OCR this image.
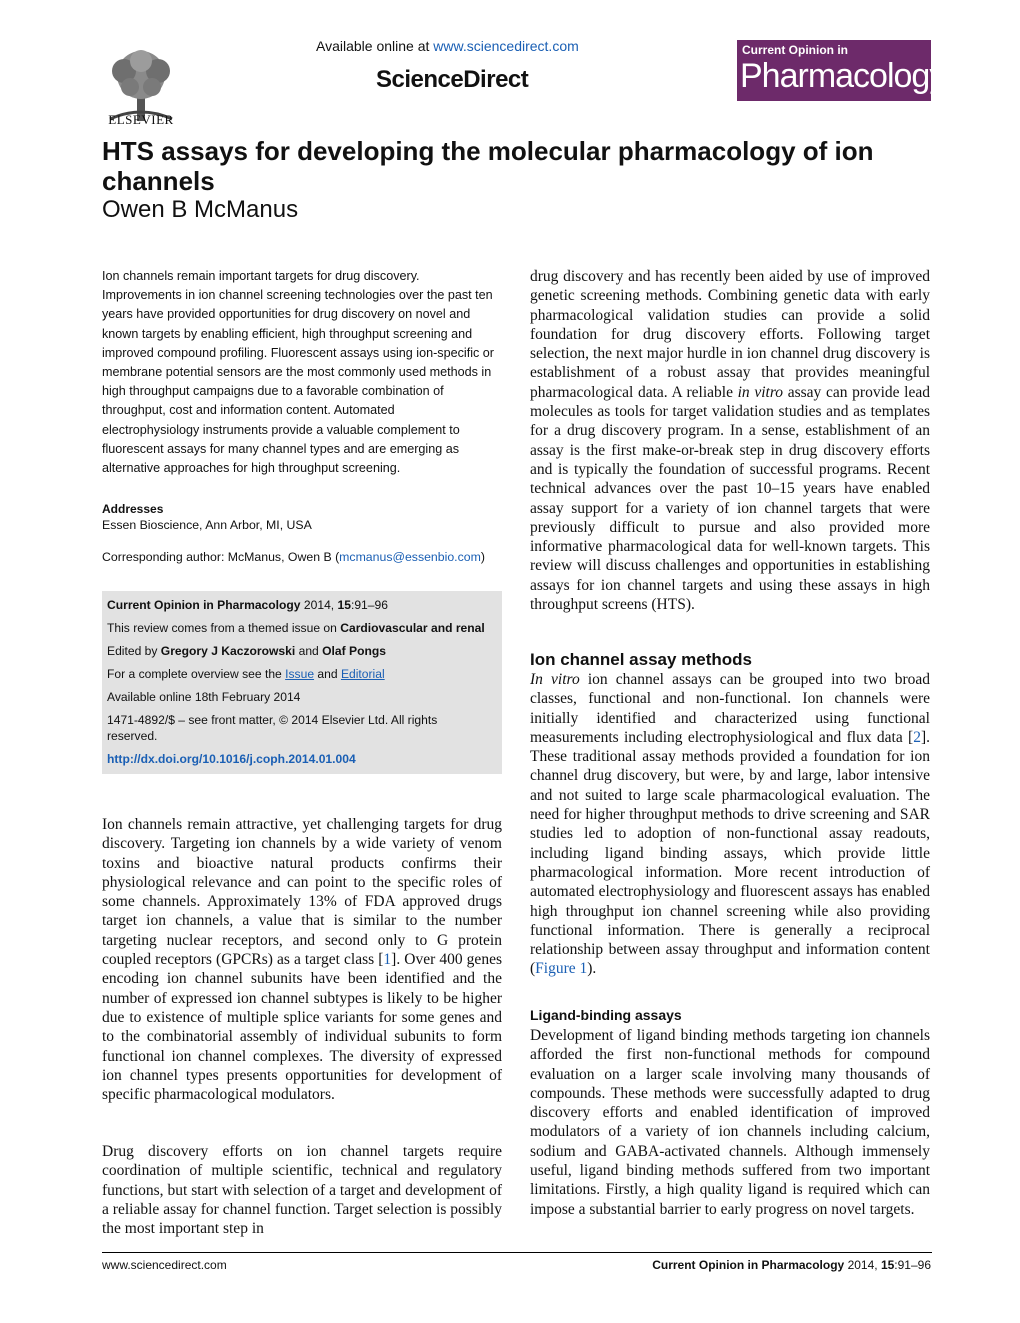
ELSEVIER
Available online at www.sciencedirect.com
ScienceDirect
Current Opinion in
Pharmacology
HTS assays for developing the molecular pharmacology of ion channels
Owen B McManus

Ion channels remain important targets for drug discovery. Improvements in ion channel screening technologies over the past ten years have provided opportunities for drug discovery on novel and known targets by enabling efficient, high throughput screening and improved compound profiling. Fluorescent assays using ion-specific or membrane potential sensors are the most commonly used methods in high throughput campaigns due to a favorable combination of throughput, cost and information content. Automated electrophysiology instruments provide a valuable complement to fluorescent assays for many channel types and are emerging as alternative approaches for high throughput screening.

Addresses
Essen Bioscience, Ann Arbor, MI, USA
Corresponding author: McManus, Owen B (mcmanus@essenbio.com)
Current Opinion in Pharmacology 2014, 15:91–96
This review comes from a themed issue on Cardiovascular and renal
Edited by Gregory J Kaczorowski and Olaf Pongs
For a complete overview see the Issue and Editorial
Available online 18th February 2014
1471-4892/$ – see front matter, © 2014 Elsevier Ltd. All rights
reserved.
http://dx.doi.org/10.1016/j.coph.2014.01.004

Ion channels remain attractive, yet challenging targets for drug discovery. Targeting ion channels by a wide variety of venom toxins and bioactive natural products confirms their physiological relevance and can point to the specific roles of some channels. Approximately 13% of FDA approved drugs target ion channels, a value that is similar to the number targeting nuclear receptors, and second only to G protein coupled receptors (GPCRs) as a target class [1]. Over 400 genes encoding ion channel subunits have been identified and the number of expressed ion channel subtypes is likely to be higher due to existence of multiple splice variants for some genes and to the combinatorial assembly of individual subunits to form functional ion channel complexes. The diversity of expressed ion channel types presents opportunities for development of specific pharmacological modulators.

Drug discovery efforts on ion channel targets require coordination of multiple scientific, technical and regulatory functions, but start with selection of a target and development of a reliable assay for channel function. Target selection is possibly the most important step in

drug discovery and has recently been aided by use of improved genetic screening methods. Combining genetic data with early pharmacological validation studies can provide a solid foundation for drug discovery efforts. Following target selection, the next major hurdle in ion channel drug discovery is establishment of a robust assay that provides meaningful pharmacological data. A reliable in vitro assay can provide lead molecules as tools for target validation studies and as templates for a drug discovery program. In a sense, establishment of an assay is the first make-or-break step in drug discovery efforts and is typically the foundation of successful programs. Recent technical advances over the past 10–15 years have enabled assay support for a variety of ion channel targets that were previously difficult to pursue and also provided more informative pharmacological data for well-known targets. This review will discuss challenges and opportunities in establishing assays for ion channel targets and using these assays in high throughput screens (HTS).

Ion channel assay methods

In vitro ion channel assays can be grouped into two broad classes, functional and non-functional. Ion channels were initially identified and characterized using functional measurements including electrophysiological and flux data [2]. These traditional assay methods provided a foundation for ion channel drug discovery, but were, by and large, labor intensive and not suited to large scale pharmacological evaluation. The need for higher throughput methods to drive screening and SAR studies led to adoption of non-functional assay readouts, including ligand binding assays, which provide little pharmacological information. More recent introduction of automated electrophysiology and fluorescent assays has enabled high throughput ion channel screening while also providing functional information. There is generally a reciprocal relationship between assay throughput and information content (Figure 1).

Ligand-binding assays

Development of ligand binding methods targeting ion channels afforded the first non-functional methods for compound evaluation on a larger scale involving many thousands of compounds. These methods were successfully adapted to drug discovery efforts and enabled identification of improved modulators of a variety of ion channels including calcium, sodium and GABA-activated channels. Although immensely useful, ligand binding methods suffered from two important limitations. Firstly, a high quality ligand is required which can impose a substantial barrier to early progress on novel targets.

www.sciencedirect.com	Current Opinion in Pharmacology 2014, 15:91–96
